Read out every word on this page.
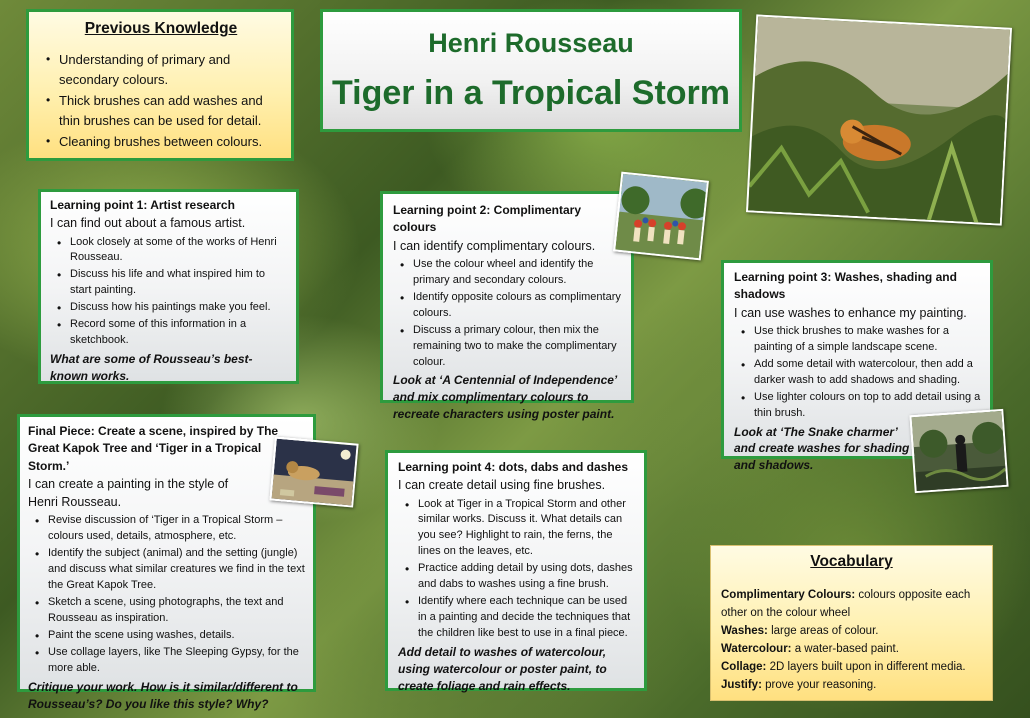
Previous Knowledge
• Understanding of primary and secondary colours.
• Thick brushes can add washes and thin brushes can be used for detail.
• Cleaning brushes between colours.
Henri Rousseau
Tiger in a Tropical Storm
Learning point 1: Artist research
I can find out about a famous artist.
• Look closely at some of the works of Henri Rousseau.
• Discuss his life and what inspired him to start painting.
• Discuss how his paintings make you feel.
• Record some of this information in a sketchbook.
What are some of Rousseau’s best-known works.
Learning point 2: Complimentary colours
I can identify complimentary colours.
• Use the colour wheel and identify the primary and secondary colours.
• Identify opposite colours as complimentary colours.
• Discuss a primary colour, then mix the remaining two to make the complimentary colour.
Look at ‘A Centennial of Independence’ and mix complimentary colours to recreate characters using poster paint.
Learning point 3: Washes, shading and shadows
I can use washes to enhance my painting.
• Use thick brushes to make washes for a painting of a simple landscape scene.
• Add some detail with watercolour, then add a darker wash to add shadows and shading.
• Use lighter colours on top to add detail using a thin brush.
Look at ‘The Snake charmer’ and create washes for shading and shadows.
Learning point 4: dots, dabs and dashes
I can create detail using fine brushes.
• Look at Tiger in a Tropical Storm and other similar works. Discuss it. What details can you see? Highlight to rain, the ferns, the lines on the leaves, etc.
• Practice adding detail by using dots, dashes and dabs to washes using a fine brush.
• Identify where each technique can be used in a painting and decide the techniques that the children like best to use in a final piece.
Add detail to washes of watercolour, using watercolour or poster paint, to create foliage and rain effects.
Final Piece: Create a scene, inspired by The Great Kapok Tree and ‘Tiger in a Tropical Storm.’
I can create a painting in the style of Henri Rousseau.
• Revise discussion of ‘Tiger in a Tropical Storm – colours used, details, atmosphere, etc.
• Identify the subject (animal) and the setting (jungle) and discuss what similar creatures we find in the text the Great Kapok Tree.
• Sketch a scene, using photographs, the text and Rousseau as inspiration.
• Paint the scene using washes, details.
• Use collage layers, like The Sleeping Gypsy, for the more able.
Critique your work. How is it similar/different to Rousseau’s? Do you like this style? Why?
Vocabulary
Complimentary Colours: colours opposite each other on the colour wheel
Washes: large areas of colour.
Watercolour: a water-based paint.
Collage: 2D layers built upon in different media.
Justify: prove your reasoning.
